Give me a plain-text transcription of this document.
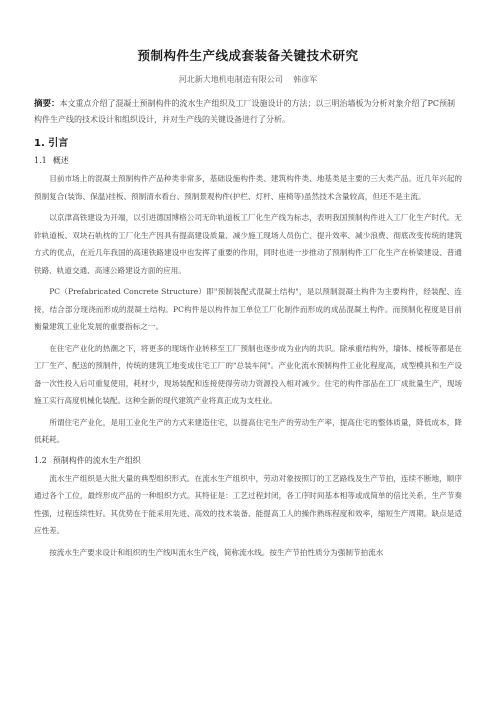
预制构件生产线成套装备关键技术研究
河北新大地机电制造有限公司 韩彦军

摘要：本文重点介绍了混凝土预制构件的流水生产组织及工厂设施设计的方法；以三明治墙板为分析对象介绍了PC预制构件生产线的技术设计和组织设计，并对生产线的关键设备进行了分析。

1. 引言
1.1 概述

目前市场上的混凝土预制构件产品种类非常多，基础设施构件类、建筑构件类、地基类是主要的三大类产品。近几年兴起的预制复合(装饰、保温)挂板、预制清水看台、预制景观构件(护栏、灯杆、座椅等)虽然技术含量较高，但还不是主流。

以京津高铁建设为开端，以引进德国博格公司无砟轨道板工厂化生产线为标志，表明我国预制构件进入工厂化生产时代。无砟轨道板、双块石轨枕的工厂化生产因具有提高建设质量、减少施工现场人员伤亡、提升效率、减少浪费、彻底改变传统的建筑方式的优点，在近几年我国的高速铁路建设中也发挥了重要的作用，同时也进一步推动了预制构件工厂化生产在桥梁建设、普通铁路、轨道交通、高速公路建设方面的应用。

PC（Prefabricated Concrete Structure）即"预制装配式混凝土结构"，是以预制混凝土构件为主要构件，经装配、连接，结合部分现浇而形成的混凝土结构。PC构件是以构件加工单位工厂化制作而形成的成品混凝土构件。而预制化程度是目前衡量建筑工业化发展的重要指标之一。

在住宅产业化的热潮之下，将更多的现场作业转移至工厂预制也逐步成为业内的共识。除承重结构外，墙体、楼板等都是在工厂生产、配送的预制件，传统的建筑工地变成住宅工厂的"总装车间"。产业化流水预制构件工业化程度高，成型模具和生产设备一次性投入后可重复使用，耗材少，现场装配和连接使得劳动力资源投入相对减少。住宅的构件部品在工厂成批量生产，现场施工实行高度机械化装配。这种全新的现代建筑产业将真正成为支柱业。

所谓住宅产业化，是用工业化生产的方式来建造住宅，以提高住宅生产的劳动生产率，提高住宅的整体质量，降低成本，降低耗耗。

1.2 预制构件的流水生产组织

流水生产组织是大批大量的典型组织形式。在流水生产组织中，劳动对象按照订的工艺路线及生产节拍，连续不断地，顺序通过各个工位，最终形成产品的一种组织方式。其特征是：工艺过程封闭，各工序时间基本相等或成简单的倍比关系，生产节奏性强，过程连续性好。其优势在于能采用先进、高效的技术装备、能提高工人的操作熟练程度和效率，缩短生产周期。缺点是适应性差。

按流水生产要求设计和组织的生产线叫流水生产线，简称流水线。按生产节拍性质分为强制节拍流水
